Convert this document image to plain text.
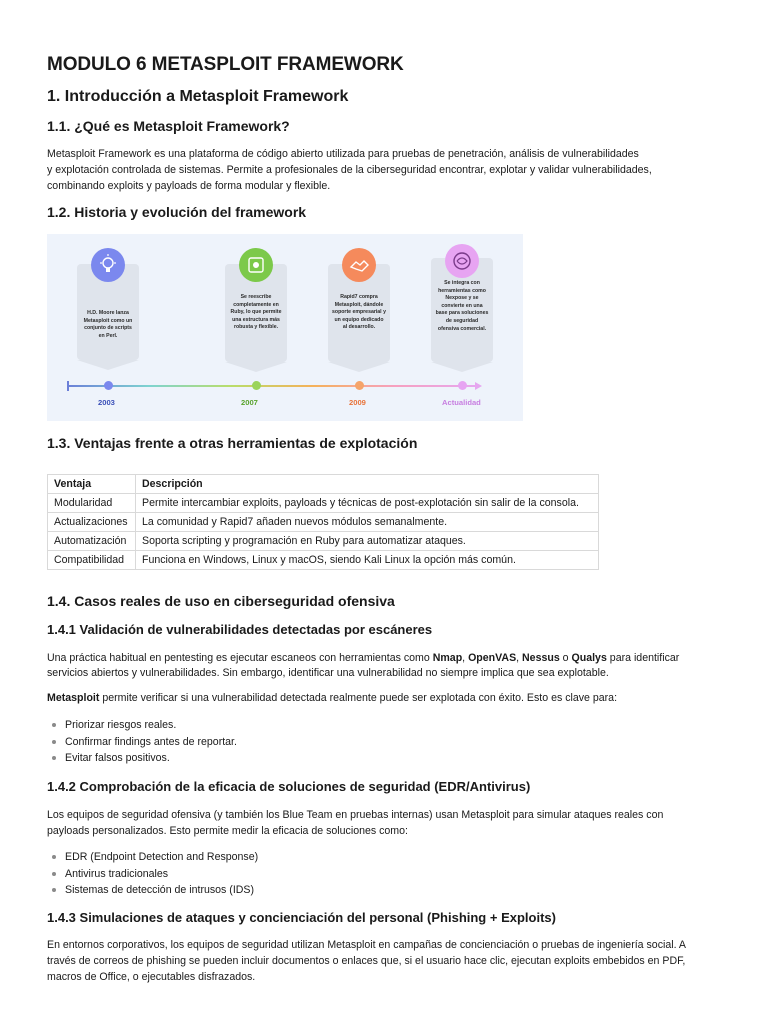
MODULO 6 METASPLOIT FRAMEWORK
1. Introducción a Metasploit Framework
1.1. ¿Qué es Metasploit Framework?

Metasploit Framework es una plataforma de código abierto utilizada para pruebas de penetración, análisis de vulnerabilidades

y explotación controlada de sistemas. Permite a profesionales de la ciberseguridad encontrar, explotar y validar vulnerabilidades,

combinando exploits y payloads de forma modular y flexible.

1.2. Historia y evolución del framework
H.D. Moore lanza Metasploit como un conjunto de scripts en Perl.
Se reescribe completamente en Ruby, lo que permite una estructura más robusta y flexible.
Rapid7 compra Metasploit, dándole soporte empresarial y un equipo dedicado al desarrollo.
Se integra con herramientas como Nexpose y se convierte en una base para soluciones de seguridad ofensiva comercial.
2003	2007	2009	Actualidad
1.3. Ventajas frente a otras herramientas de explotación
Ventaja	Descripción
Modularidad	Permite intercambiar exploits, payloads y técnicas de post-explotación sin salir de la consola.
Actualizaciones	La comunidad y Rapid7 añaden nuevos módulos semanalmente.
Automatización	Soporta scripting y programación en Ruby para automatizar ataques.
Compatibilidad	Funciona en Windows, Linux y macOS, siendo Kali Linux la opción más común.
1.4. Casos reales de uso en ciberseguridad ofensiva
1.4.1 Validación de vulnerabilidades detectadas por escáneres

Una práctica habitual en pentesting es ejecutar escaneos con herramientas como Nmap, OpenVAS, Nessus o Qualys para identificar

servicios abiertos y vulnerabilidades. Sin embargo, identificar una vulnerabilidad no siempre implica que sea explotable.

Metasploit permite verificar si una vulnerabilidad detectada realmente puede ser explotada con éxito. Esto es clave para:

Priorizar riesgos reales.
Confirmar findings antes de reportar.
Evitar falsos positivos.
1.4.2 Comprobación de la eficacia de soluciones de seguridad (EDR/Antivirus)

Los equipos de seguridad ofensiva (y también los Blue Team en pruebas internas) usan Metasploit para simular ataques reales con

payloads personalizados. Esto permite medir la eficacia de soluciones como:

EDR (Endpoint Detection and Response)
Antivirus tradicionales
Sistemas de detección de intrusos (IDS)
1.4.3 Simulaciones de ataques y concienciación del personal (Phishing + Exploits)

En entornos corporativos, los equipos de seguridad utilizan Metasploit en campañas de concienciación o pruebas de ingeniería social. A

través de correos de phishing se pueden incluir documentos o enlaces que, si el usuario hace clic, ejecutan exploits embebidos en PDF,

macros de Office, o ejecutables disfrazados.
